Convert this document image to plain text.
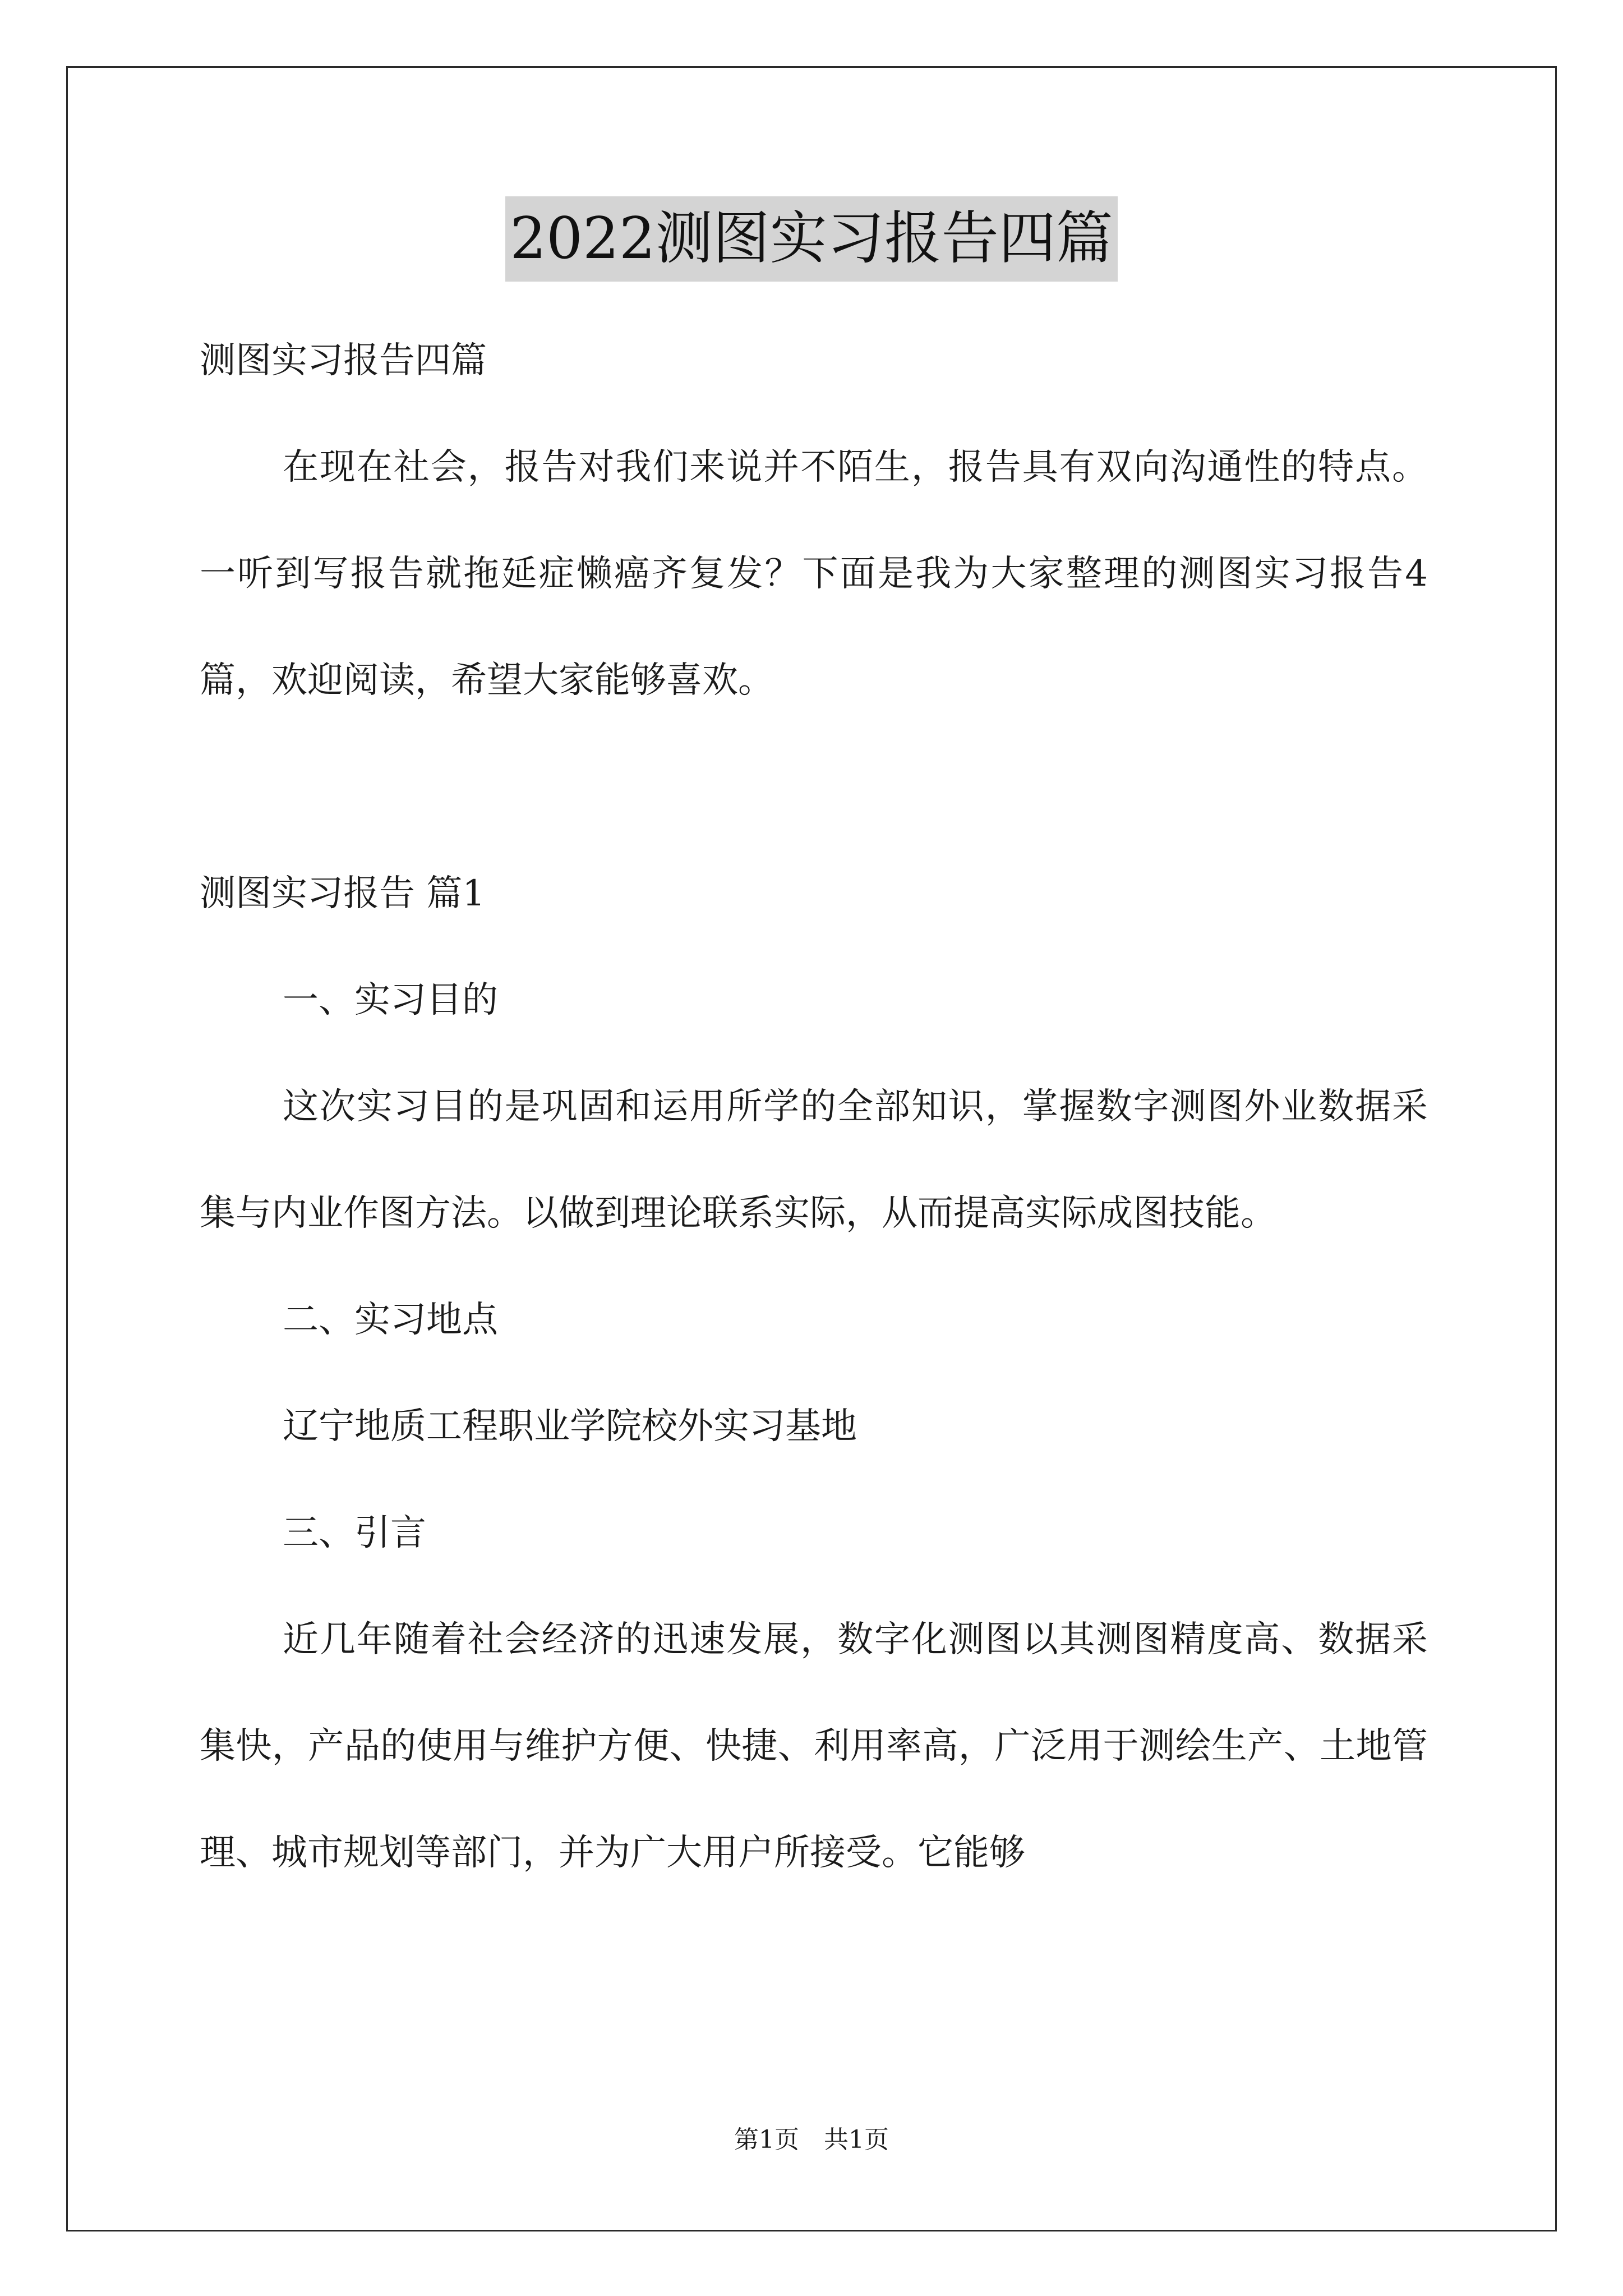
2022测图实习报告四篇

测图实习报告四篇

在现在社会，报告对我们来说并不陌生，报告具有双向沟通性的特点。一听到写报告就拖延症懒癌齐复发？下面是我为大家整理的测图实习报告4篇，欢迎阅读，希望大家能够喜欢。

测图实习报告 篇1

一、实习目的

这次实习目的是巩固和运用所学的全部知识，掌握数字测图外业数据采集与内业作图方法。以做到理论联系实际，从而提高实际成图技能。

二、实习地点

辽宁地质工程职业学院校外实习基地

三、引言

近几年随着社会经济的迅速发展，数字化测图以其测图精度高、数据采集快，产品的使用与维护方便、快捷、利用率高，广泛用于测绘生产、土地管理、城市规划等部门，并为广大用户所接受。它能够

第1页　共1页
